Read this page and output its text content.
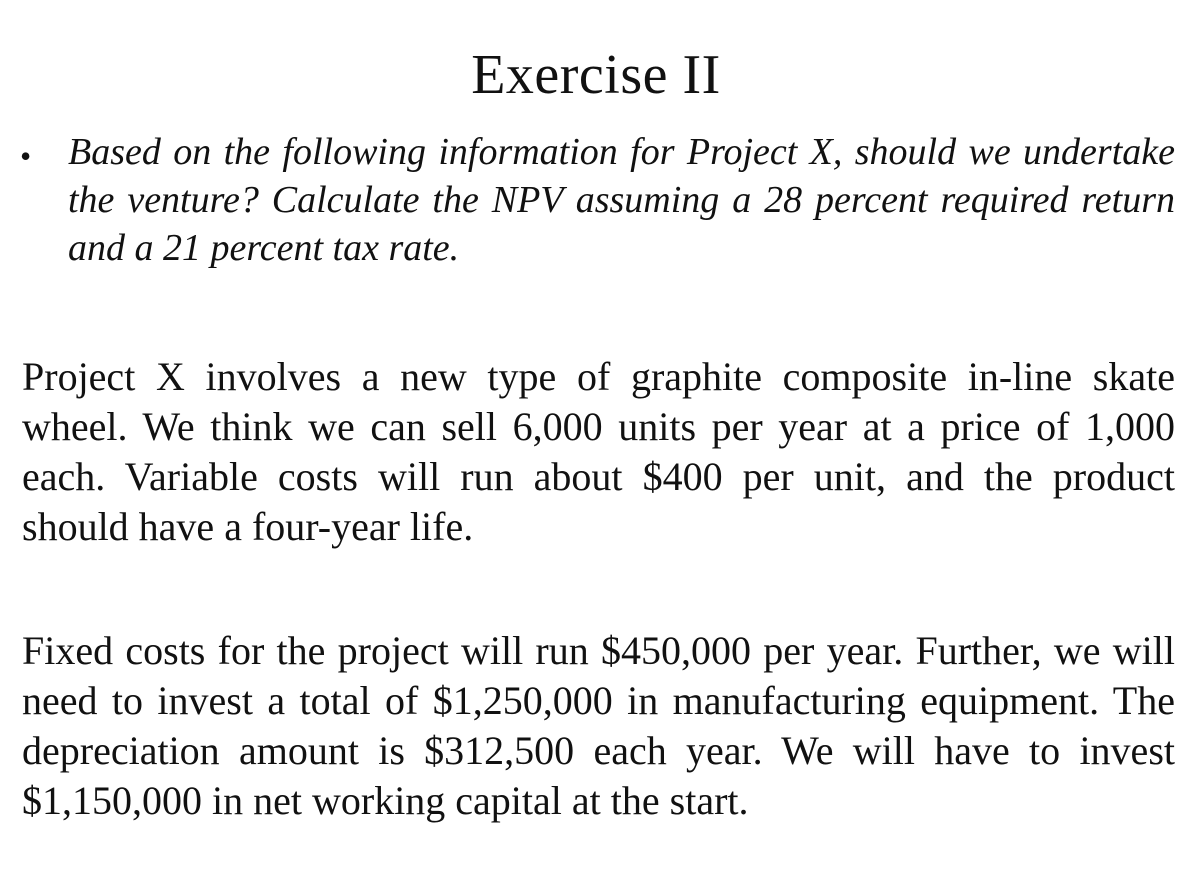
Exercise II
• Based on the following information for Project X, should we undertake the venture? Calculate the NPV assuming a 28 percent required return and a 21 percent tax rate.
Project X involves a new type of graphite composite in-line skate wheel. We think we can sell 6,000 units per year at a price of 1,000 each. Variable costs will run about $400 per unit, and the product should have a four-year life.
Fixed costs for the project will run $450,000 per year. Further, we will need to invest a total of $1,250,000 in manufacturing equipment. The depreciation amount is $312,500 each year. We will have to invest $1,150,000 in net working capital at the start.
